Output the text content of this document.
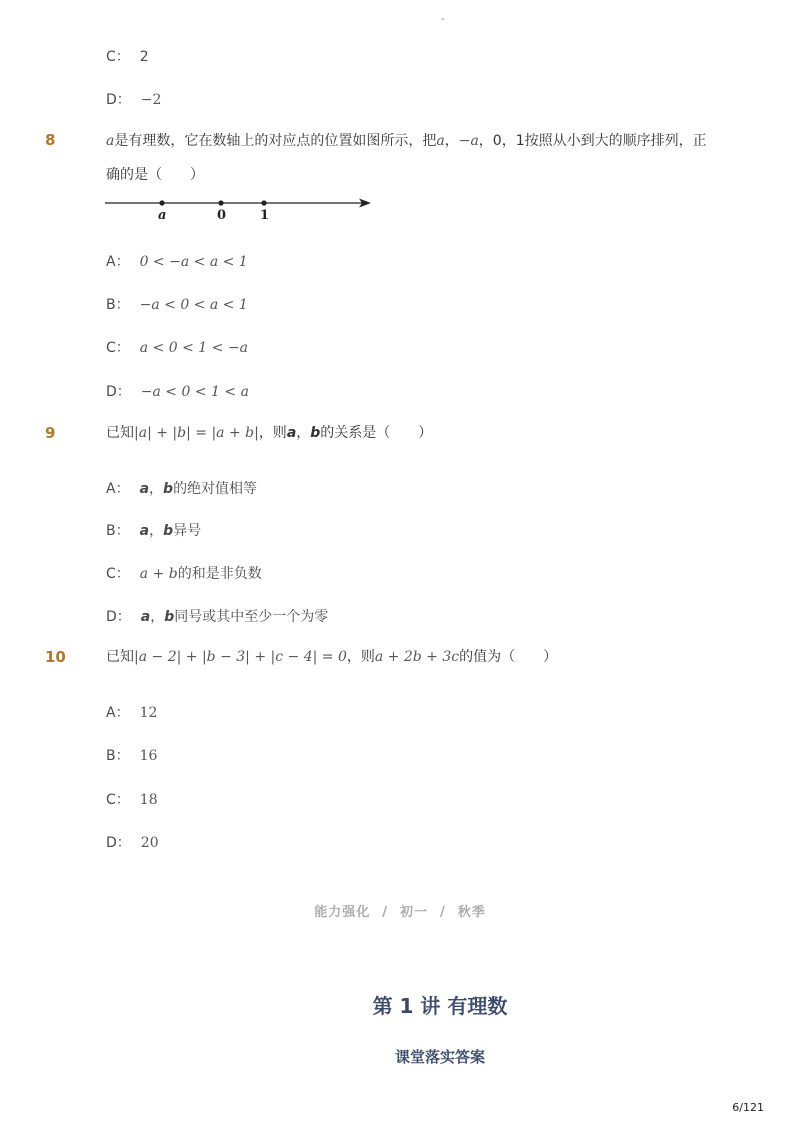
-
C： 2
D： −2
8	a是有理数，它在数轴上的对应点的位置如图所示，把a，−a，0，1按照从小到大的顺序排列，正确的是（　　）
a	0	1
A： 0 < −a < a < 1
B： −a < 0 < a < 1
C： a < 0 < 1 < −a
D： −a < 0 < 1 < a
9	已知|a| + |b| = |a + b|，则a，b的关系是（　　）
A： a，b的绝对值相等
B： a，b异号
C： a + b的和是非负数
D： a，b同号或其中至少一个为零
10	已知|a − 2| + |b − 3| + |c − 4| = 0，则a + 2b + 3c的值为（　　）
A： 12
B： 16
C： 18
D： 20
能力强化 / 初一 / 秋季
第 1 讲 有理数
课堂落实答案
6/121
